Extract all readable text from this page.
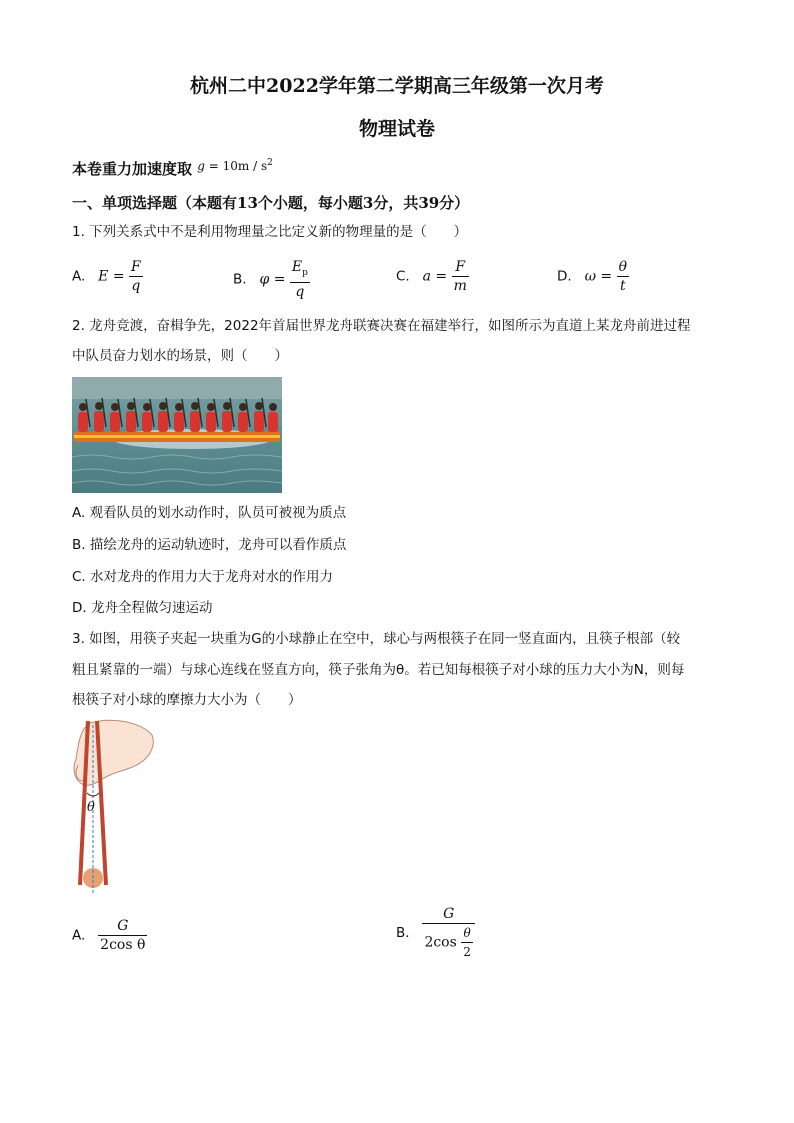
杭州二中2022学年第二学期高三年级第一次月考
物理试卷
本卷重力加速度取 $^{g = 10m / s^2}$
一、单项选择题（本题有13个小题，每小题3分，共39分）
1. 下列关系式中不是利用物理量之比定义新的物理量的是（　　）
A. $E = \frac{F}{q}$	B. $\varphi = \frac{E_p}{q}$	C. $a = \frac{F}{m}$	D. $\omega = \frac{\theta}{t}$
2. 龙舟竞渡，奋楫争先，2022年首届世界龙舟联赛决赛在福建举行，如图所示为直道上某龙舟前进过程
中队员奋力划水的场景，则（　　）
A. 观看队员的划水动作时，队员可被视为质点
B. 描绘龙舟的运动轨迹时，龙舟可以看作质点
C. 水对龙舟的作用力大于龙舟对水的作用力
D. 龙舟全程做匀速运动
3. 如图，用筷子夹起一块重为G的小球静止在空中，球心与两根筷子在同一竖直面内，且筷子根部（较
粗且紧靠的一端）与球心连线在竖直方向，筷子张角为θ。若已知每根筷子对小球的压力大小为N，则每
根筷子对小球的摩擦力大小为（　　）
θ
A. $\frac{G}{\text{2cos θ}}$	B. $\frac{G}{2\cos \frac{\theta}{2}}$
